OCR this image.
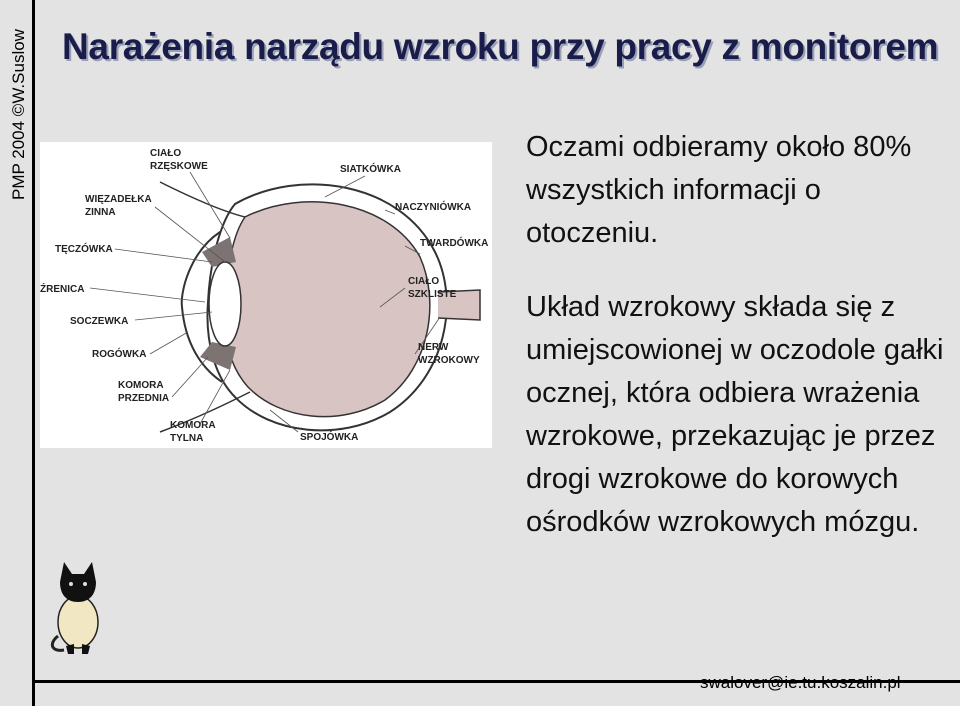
PMP 2004 ©W.Suslow Narażenia narządu wzroku przy pracy z monitorem
CIAŁO
RZĘSKOWE
WIĘZADEŁKA
ZINNA
TĘCZÓWKA
ŹRENICA
SOCZEWKA
ROGÓWKA
KOMORA
PRZEDNIA
KOMORA
TYLNA
SIATKÓWKA
NACZYNIÓWKA
TWARDÓWKA
CIAŁO
SZKLISTE
NERW
WZROKOWY
SPOJÓWKA
Oczami odbieramy około 80% wszystkich informacji o otoczeniu.
Układ wzrokowy składa się z umiejscowionej w oczodole gałki ocznej, która odbiera wrażenia wzrokowe, przekazując je przez drogi wzrokowe do korowych ośrodków wzrokowych mózgu.
swalover@ie.tu.koszalin.pl
